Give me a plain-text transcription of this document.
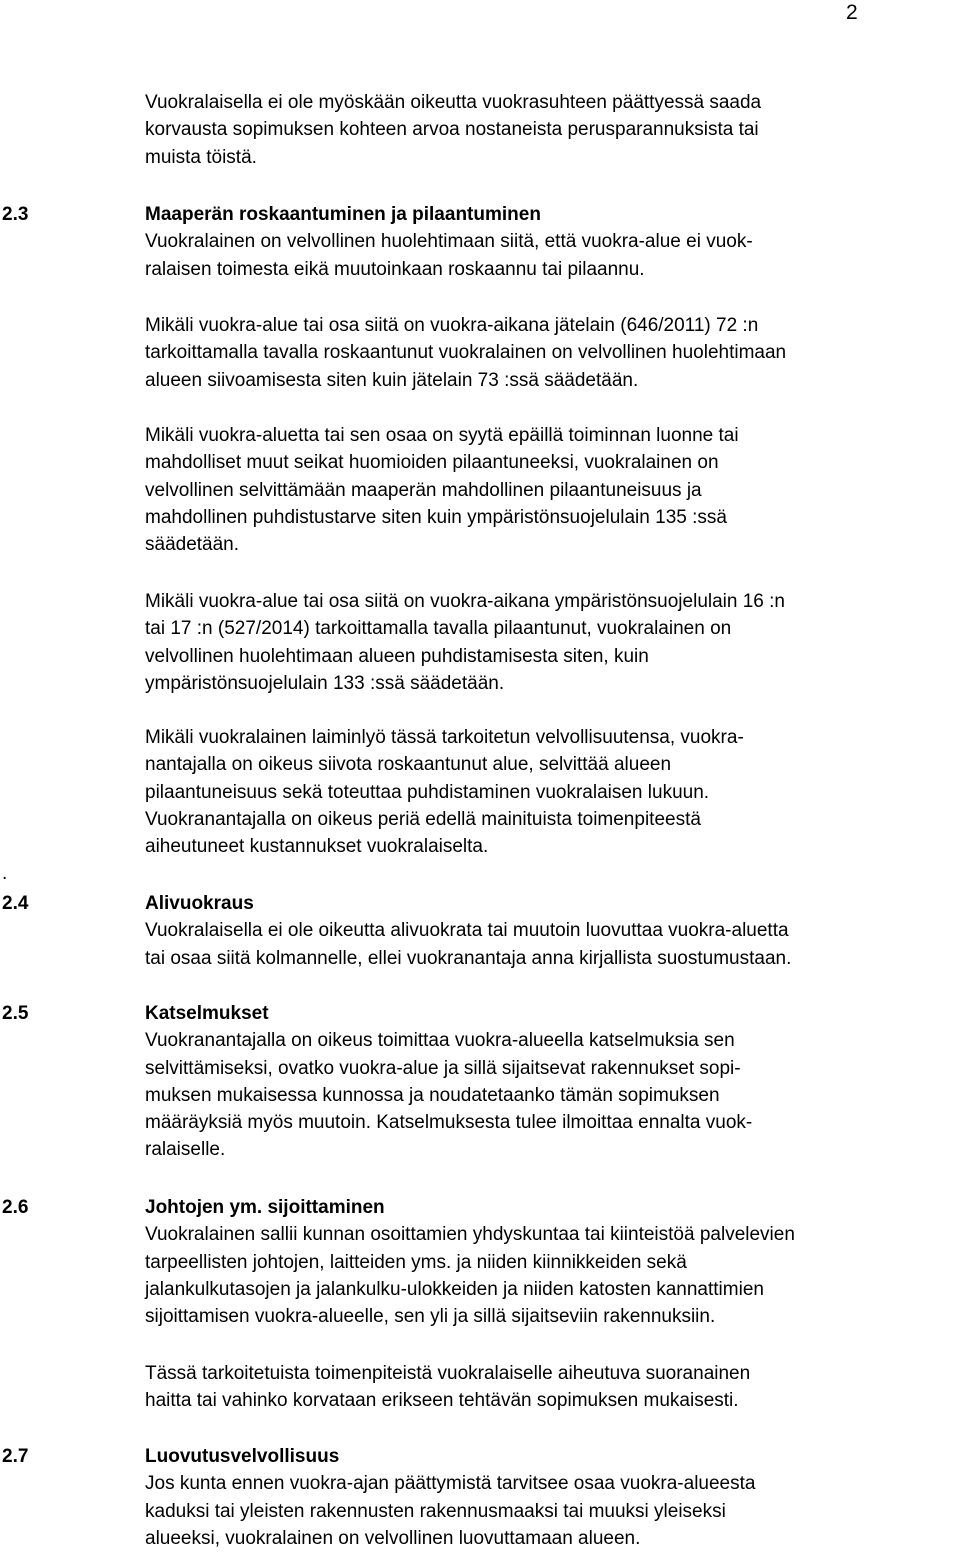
2

Vuokralaisella ei ole myöskään oikeutta vuokrasuhteen päättyessä saada
korvausta sopimuksen kohteen arvoa nostaneista perusparannuksista tai
muista töistä.

2.3	Maaperän roskaantuminen ja pilaantuminen
Vuokralainen on velvollinen huolehtimaan siitä, että vuokra-alue ei vuok-
ralaisen toimesta eikä muutoinkaan roskaannu tai pilaannu.

Mikäli vuokra-alue tai osa siitä on vuokra-aikana jätelain (646/2011) 72 :n
tarkoittamalla tavalla roskaantunut vuokralainen on velvollinen huolehtimaan
alueen siivoamisesta siten kuin jätelain 73 :ssä säädetään.

Mikäli vuokra-aluetta tai sen osaa on syytä epäillä toiminnan luonne tai
mahdolliset muut seikat huomioiden pilaantuneeksi, vuokralainen on
velvollinen selvittämään maaperän mahdollinen pilaantuneisuus ja
mahdollinen puhdistustarve siten kuin ympäristönsuojelulain 135 :ssä
säädetään.

Mikäli vuokra-alue tai osa siitä on vuokra-aikana ympäristönsuojelulain 16 :n
tai 17 :n (527/2014) tarkoittamalla tavalla pilaantunut, vuokralainen on
velvollinen huolehtimaan alueen puhdistamisesta siten, kuin
ympäristönsuojelulain 133 :ssä säädetään.

Mikäli vuokralainen laiminlyö tässä tarkoitetun velvollisuutensa, vuokra-
nantajalla on oikeus siivota roskaantunut alue, selvittää alueen
pilaantuneisuus sekä toteuttaa puhdistaminen vuokralaisen lukuun.
Vuokranantajalla on oikeus periä edellä mainituista toimenpiteestä
aiheutuneet kustannukset vuokralaiselta.

.
2.4	Alivuokraus
Vuokralaisella ei ole oikeutta alivuokrata tai muutoin luovuttaa vuokra-aluetta
tai osaa siitä kolmannelle, ellei vuokranantaja anna kirjallista suostumustaan.
2.5	Katselmukset
Vuokranantajalla on oikeus toimittaa vuokra-alueella katselmuksia sen
selvittämiseksi, ovatko vuokra-alue ja sillä sijaitsevat rakennukset sopi-
muksen mukaisessa kunnossa ja noudatetaanko tämän sopimuksen
määräyksiä myös muutoin. Katselmuksesta tulee ilmoittaa ennalta vuok-
ralaiselle.
2.6	Johtojen ym. sijoittaminen
Vuokralainen sallii kunnan osoittamien yhdyskuntaa tai kiinteistöä palvelevien
tarpeellisten johtojen, laitteiden yms. ja niiden kiinnikkeiden sekä
jalankulkutasojen ja jalankulku-ulokkeiden ja niiden katosten kannattimien
sijoittamisen vuokra-alueelle, sen yli ja sillä sijaitseviin rakennuksiin.

Tässä tarkoitetuista toimenpiteistä vuokralaiselle aiheutuva suoranainen
haitta tai vahinko korvataan erikseen tehtävän sopimuksen mukaisesti.

2.7	Luovutusvelvollisuus
Jos kunta ennen vuokra-ajan päättymistä tarvitsee osaa vuokra-alueesta
kaduksi tai yleisten rakennusten rakennusmaaksi tai muuksi yleiseksi
alueeksi, vuokralainen on velvollinen luovuttamaan alueen.
